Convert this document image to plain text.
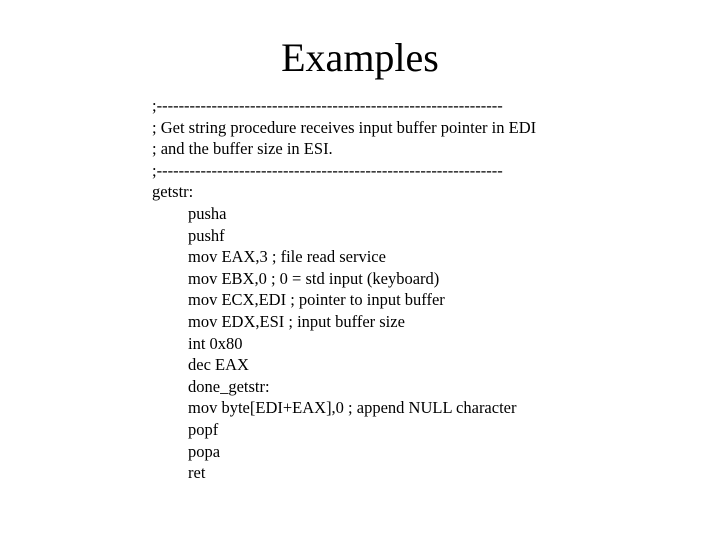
Examples
;---------------------------------------------------------------
; Get string procedure receives input buffer pointer in EDI
; and the buffer size in ESI.
;---------------------------------------------------------------
getstr:
pusha
pushf
mov EAX,3 ; file read service
mov EBX,0 ; 0 = std input (keyboard)
mov ECX,EDI ; pointer to input buffer
mov EDX,ESI ; input buffer size
int 0x80
dec EAX
done_getstr:
mov byte[EDI+EAX],0 ; append NULL character
popf
popa
ret
